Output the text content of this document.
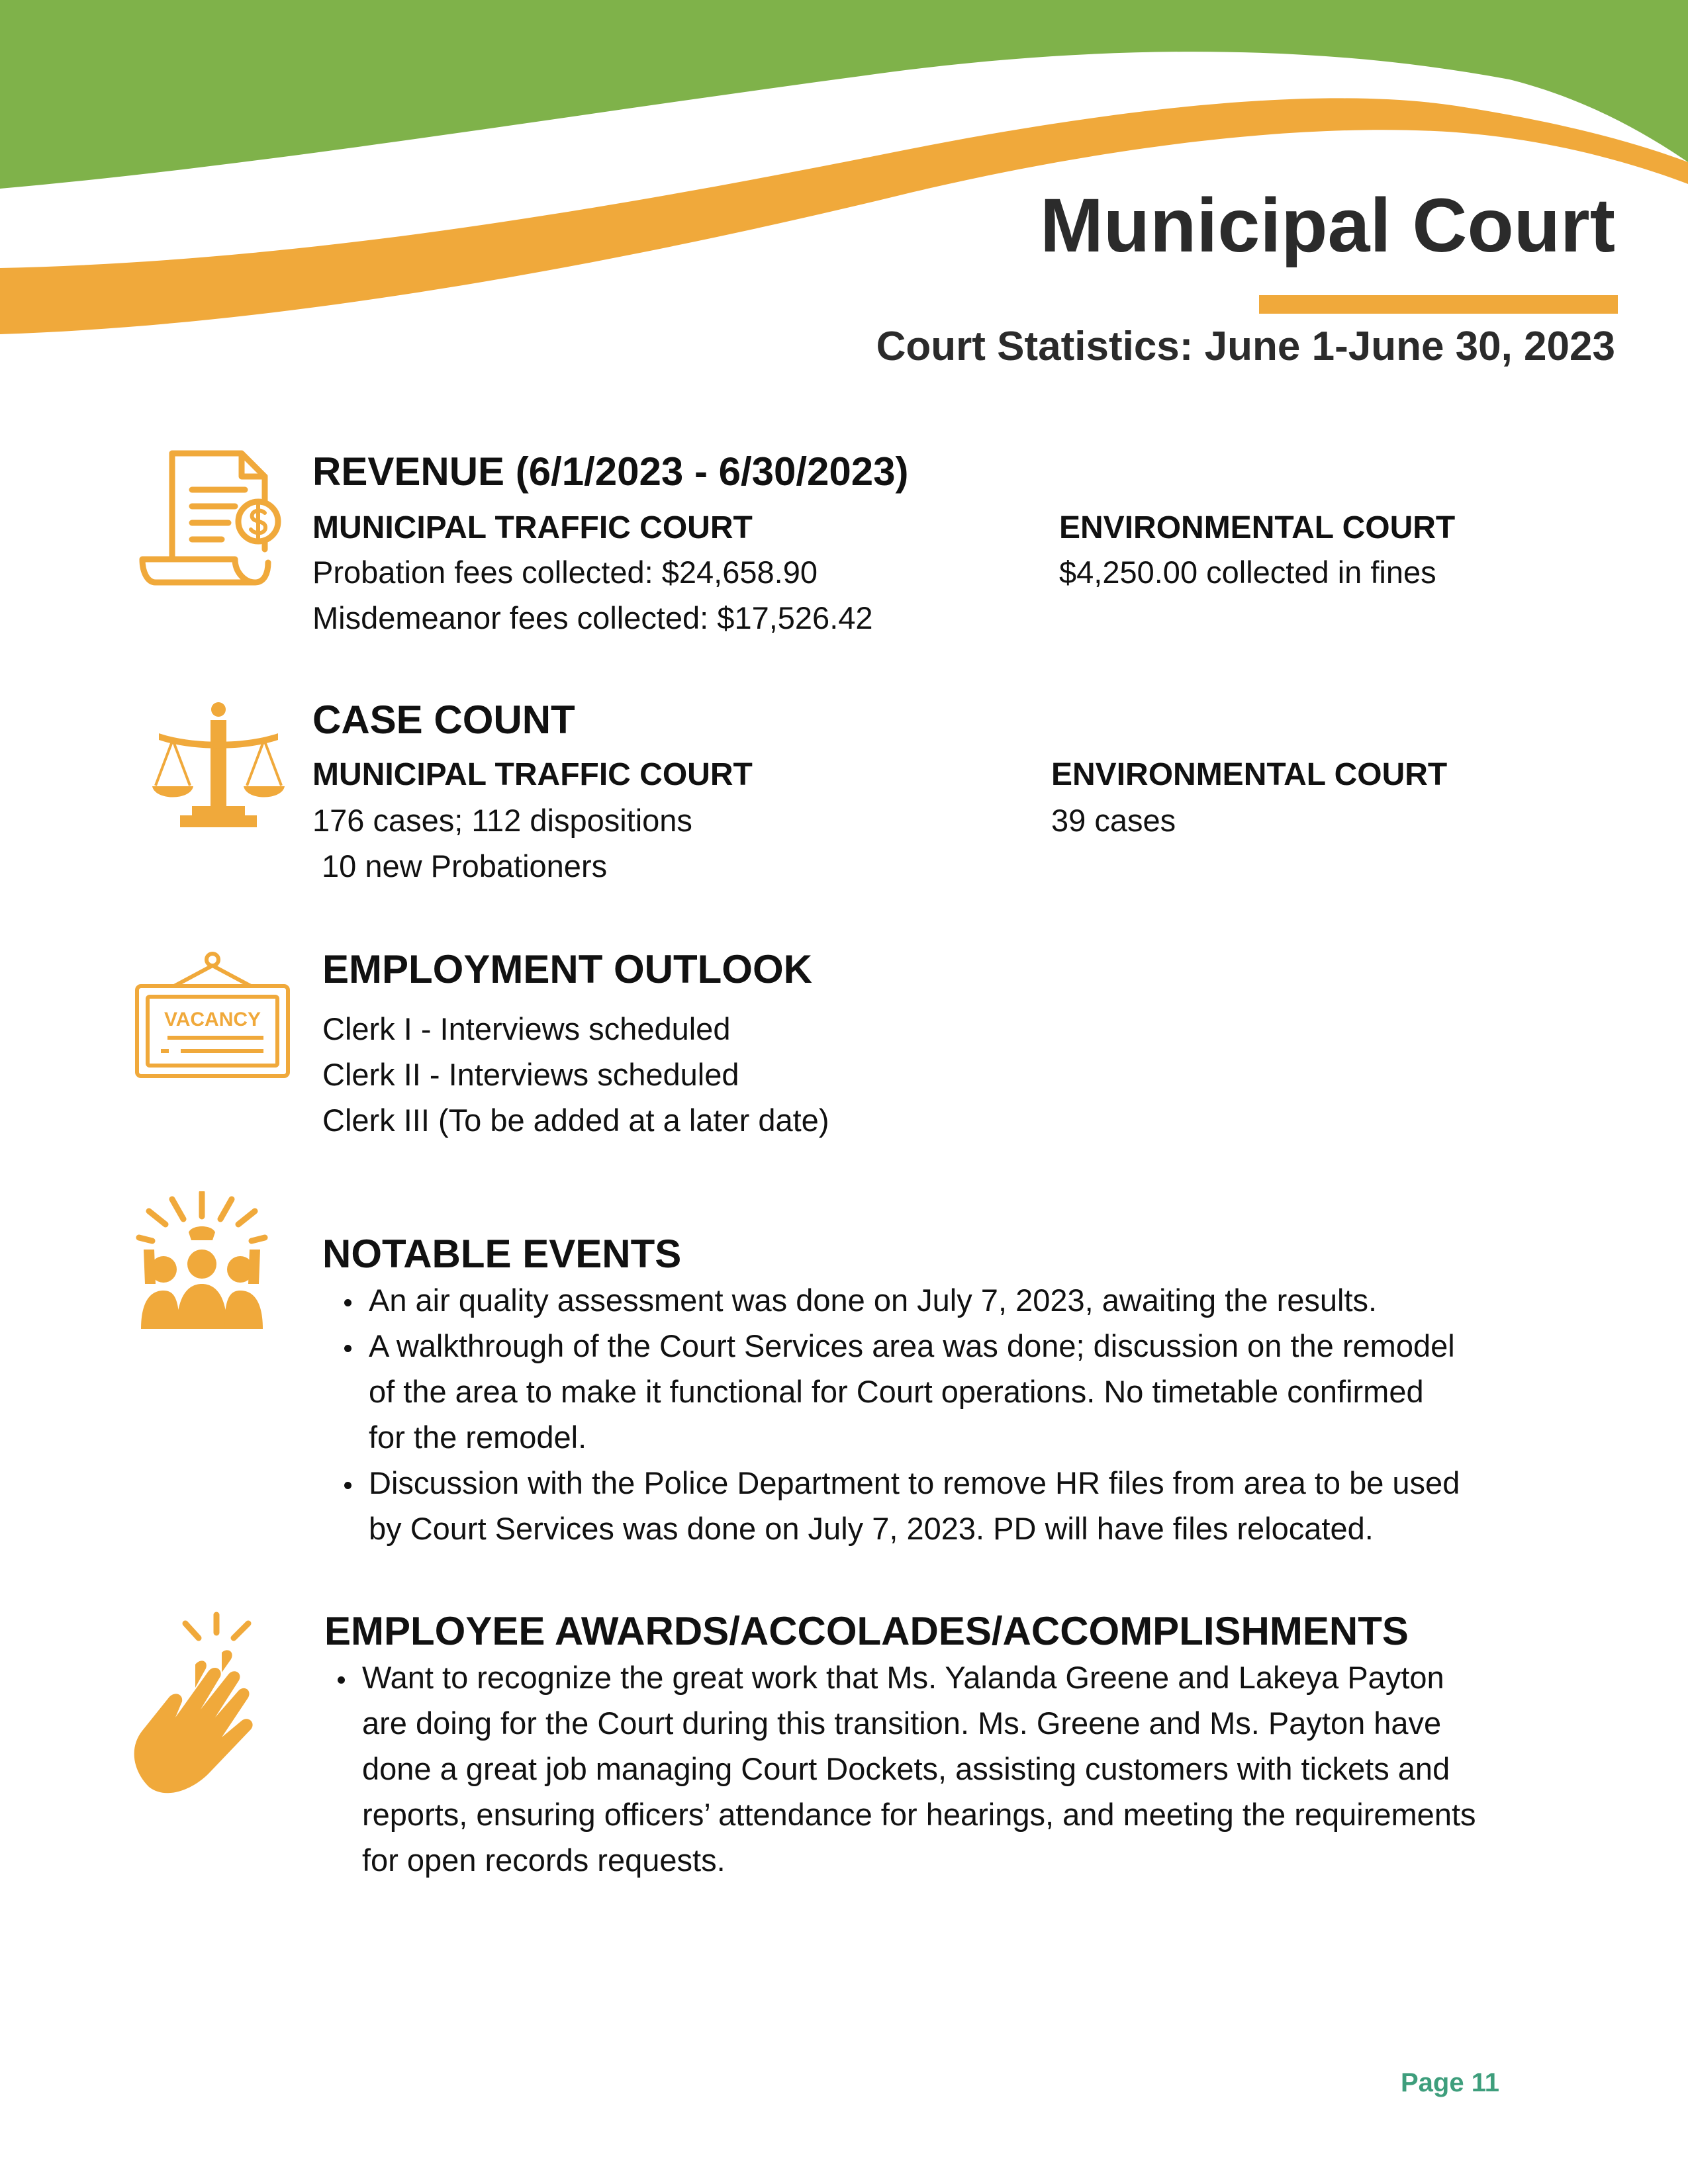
Municipal Court
Court Statistics: June 1-June 30, 2023
REVENUE (6/1/2023 - 6/30/2023)
MUNICIPAL TRAFFIC COURT
Probation fees collected: $24,658.90
Misdemeanor fees collected: $17,526.42
ENVIRONMENTAL COURT
$4,250.00 collected in fines
CASE COUNT
MUNICIPAL TRAFFIC COURT
176 cases; 112 dispositions
10 new Probationers
ENVIRONMENTAL COURT
39 cases
VACANCY
EMPLOYMENT OUTLOOK
Clerk I - Interviews scheduled
Clerk II - Interviews scheduled
Clerk III (To be added at a later date)
NOTABLE EVENTS
An air quality assessment was done on July 7, 2023, awaiting the results.
A walkthrough of the Court Services area was done; discussion on the remodel
of the area to make it functional for Court operations. No timetable confirmed
for the remodel.
Discussion with the Police Department to remove HR files from area to be used
by Court Services was done on July 7, 2023. PD will have files relocated.
EMPLOYEE AWARDS/ACCOLADES/ACCOMPLISHMENTS
Want to recognize the great work that Ms. Yalanda Greene and Lakeya Payton
are doing for the Court during this transition. Ms. Greene and Ms. Payton have
done a great job managing Court Dockets, assisting customers with tickets and
reports, ensuring officers’ attendance for hearings, and meeting the requirements
for open records requests.
Page 11
